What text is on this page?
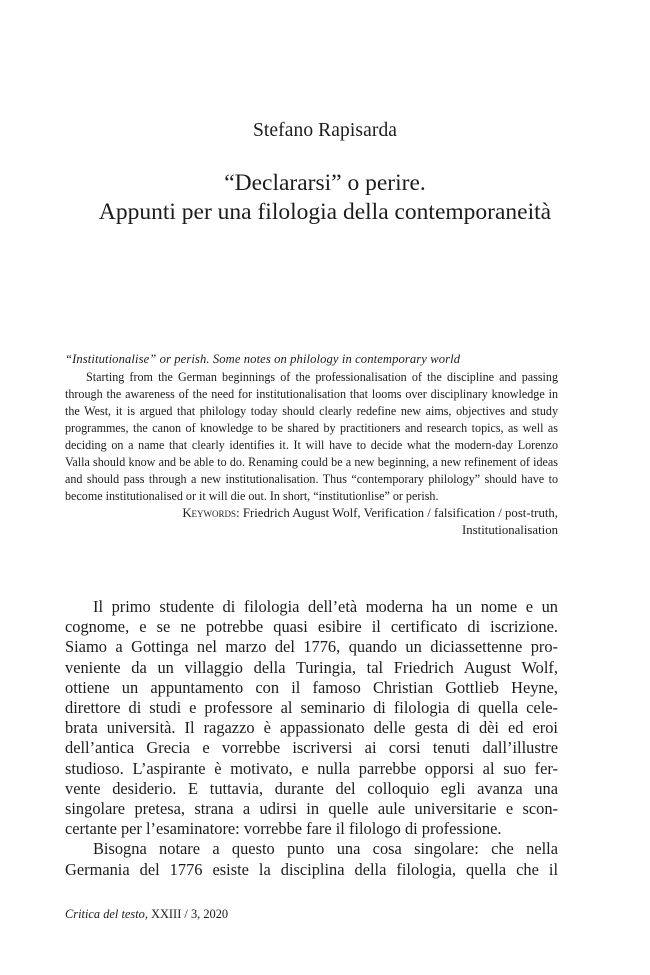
Stefano Rapisarda
“Declararsi” o perire.
Appunti per una filologia della contemporaneità
“Institutionalise” or perish. Some notes on philology in contemporary world
Starting from the German beginnings of the professionalisation of the discipline and passing through the awareness of the need for institutionalisation that looms over disciplinary knowledge in the West, it is argued that philology today should clearly redefine new aims, objectives and study programmes, the canon of knowledge to be shared by practitioners and research topics, as well as deciding on a name that clearly identifies it. It will have to decide what the modern-day Lorenzo Valla should know and be able to do. Renaming could be a new beginning, a new refinement of ideas and should pass through a new institutionalisation. Thus “contemporary philology” should have to become institutionalised or it will die out. In short, “institutionlise” or perish.
Keywords: Friedrich August Wolf, Verification / falsification / post-truth, Institutionalisation
Il primo studente di filologia dell’età moderna ha un nome e un
cognome, e se ne potrebbe quasi esibire il certificato di iscrizione.
Siamo a Gottinga nel marzo del 1776, quando un diciassettenne pro-
veniente da un villaggio della Turingia, tal Friedrich August Wolf,
ottiene un appuntamento con il famoso Christian Gottlieb Heyne,
direttore di studi e professore al seminario di filologia di quella cele-
brata università. Il ragazzo è appassionato delle gesta di dèi ed eroi
dell’antica Grecia e vorrebbe iscriversi ai corsi tenuti dall’illustre
studioso. L’aspirante è motivato, e nulla parrebbe opporsi al suo fer-
vente desiderio. E tuttavia, durante del colloquio egli avanza una
singolare pretesa, strana a udirsi in quelle aule universitarie e scon-
certante per l’esaminatore: vorrebbe fare il filologo di professione.
Bisogna notare a questo punto una cosa singolare: che nella
Germania del 1776 esiste la disciplina della filologia, quella che il
Critica del testo, XXIII / 3, 2020
